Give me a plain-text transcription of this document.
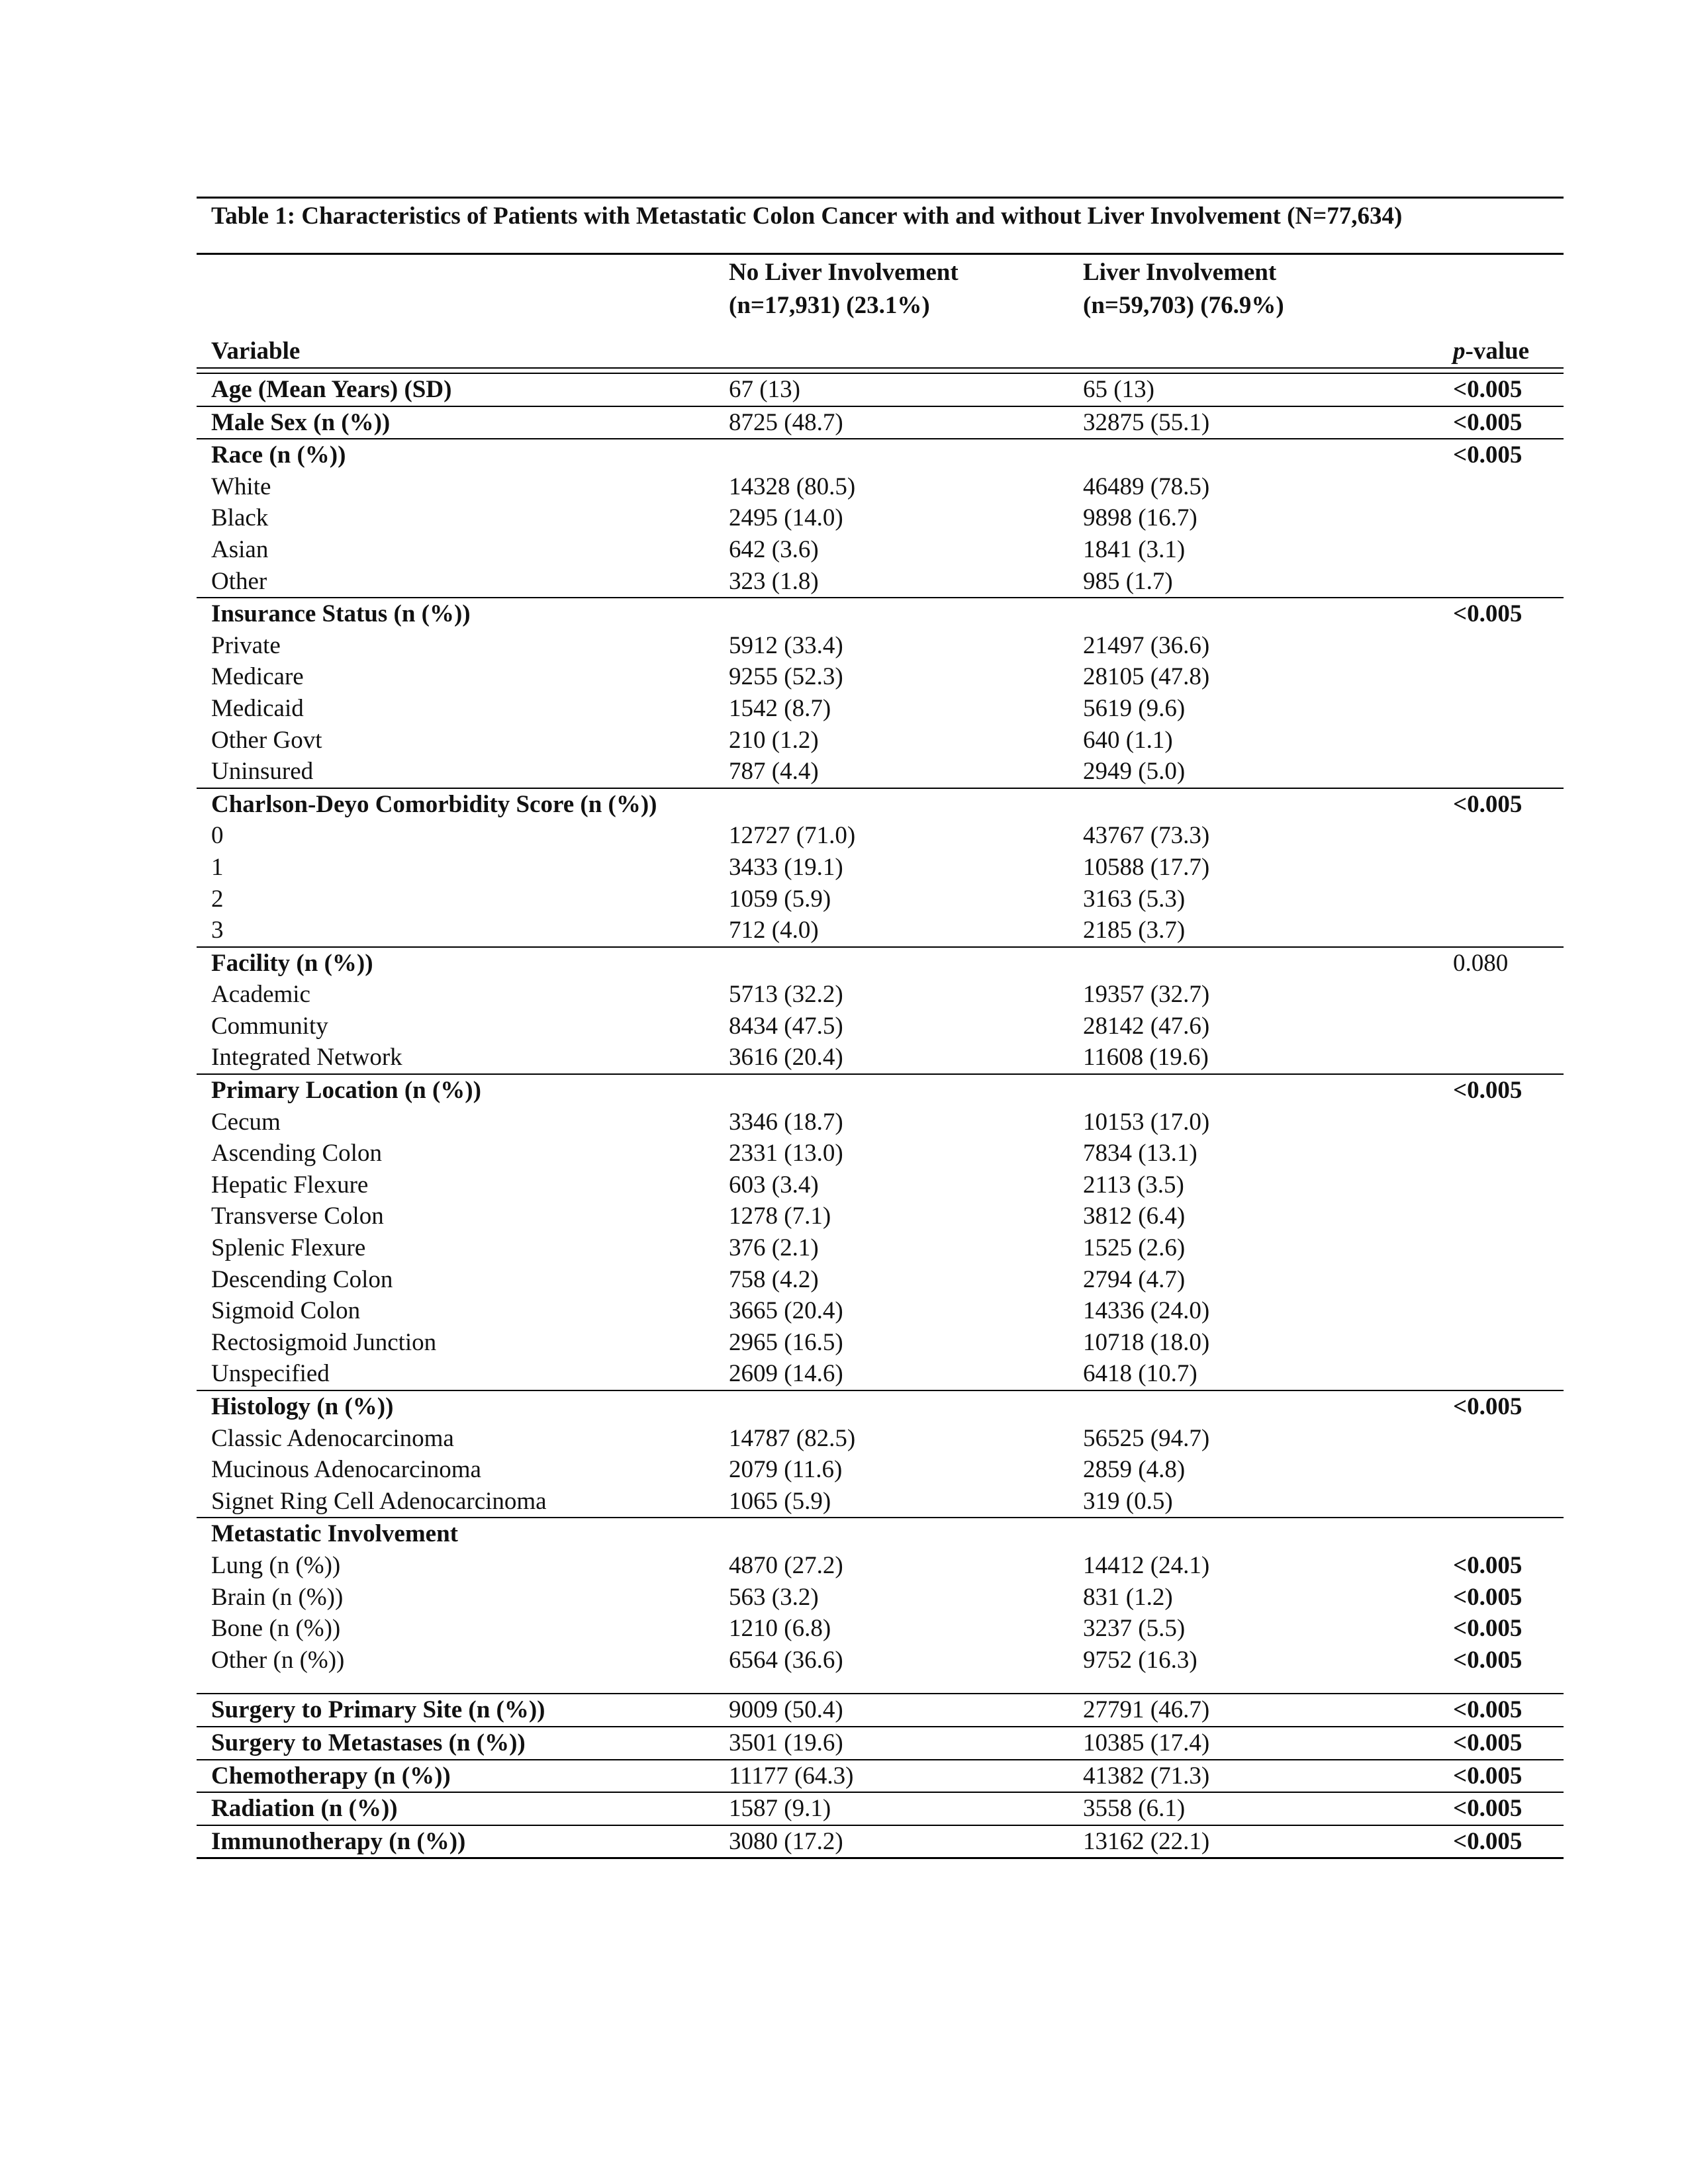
Table 1: Characteristics of Patients with Metastatic Colon Cancer with and without Liver Involvement (N=77,634)
	No Liver Involvement	Liver Involvement	
	(n=17,931) (23.1%)	(n=59,703) (76.9%)	
Variable			p-value

Age (Mean Years) (SD)	67 (13)	65 (13)	<0.005
Male Sex (n (%))	8725 (48.7)	32875 (55.1)	<0.005
Race (n (%))			<0.005
White	14328 (80.5)	46489 (78.5)	
Black	2495 (14.0)	9898 (16.7)	
Asian	642 (3.6)	1841 (3.1)	
Other	323 (1.8)	985 (1.7)	
Insurance Status (n (%))			<0.005
Private	5912 (33.4)	21497 (36.6)	
Medicare	9255 (52.3)	28105 (47.8)	
Medicaid	1542 (8.7)	5619 (9.6)	
Other Govt	210 (1.2)	640 (1.1)	
Uninsured	787 (4.4)	2949 (5.0)	
Charlson-Deyo Comorbidity Score (n (%))			<0.005
0	12727 (71.0)	43767 (73.3)	
1	3433 (19.1)	10588 (17.7)	
2	1059 (5.9)	3163 (5.3)	
3	712 (4.0)	2185 (3.7)	
Facility (n (%))			0.080
Academic	5713 (32.2)	19357 (32.7)	
Community	8434 (47.5)	28142 (47.6)	
Integrated Network	3616 (20.4)	11608 (19.6)	
Primary Location (n (%))			<0.005
Cecum	3346 (18.7)	10153 (17.0)	
Ascending Colon	2331 (13.0)	7834 (13.1)	
Hepatic Flexure	603 (3.4)	2113 (3.5)	
Transverse Colon	1278 (7.1)	3812 (6.4)	
Splenic Flexure	376 (2.1)	1525 (2.6)	
Descending Colon	758 (4.2)	2794 (4.7)	
Sigmoid Colon	3665 (20.4)	14336 (24.0)	
Rectosigmoid Junction	2965 (16.5)	10718 (18.0)	
Unspecified	2609 (14.6)	6418 (10.7)	
Histology (n (%))			<0.005
Classic Adenocarcinoma	14787 (82.5)	56525 (94.7)	
Mucinous Adenocarcinoma	2079 (11.6)	2859 (4.8)	
Signet Ring Cell Adenocarcinoma	1065 (5.9)	319 (0.5)	
Metastatic Involvement			
Lung (n (%))	4870 (27.2)	14412 (24.1)	<0.005
Brain (n (%))	563 (3.2)	831 (1.2)	<0.005
Bone (n (%))	1210 (6.8)	3237 (5.5)	<0.005
Other (n (%))	6564 (36.6)	9752 (16.3)	<0.005

Surgery to Primary Site (n (%))	9009 (50.4)	27791 (46.7)	<0.005
Surgery to Metastases (n (%))	3501 (19.6)	10385 (17.4)	<0.005
Chemotherapy (n (%))	11177 (64.3)	41382 (71.3)	<0.005
Radiation (n (%))	1587 (9.1)	3558 (6.1)	<0.005
Immunotherapy (n (%))	3080 (17.2)	13162 (22.1)	<0.005
